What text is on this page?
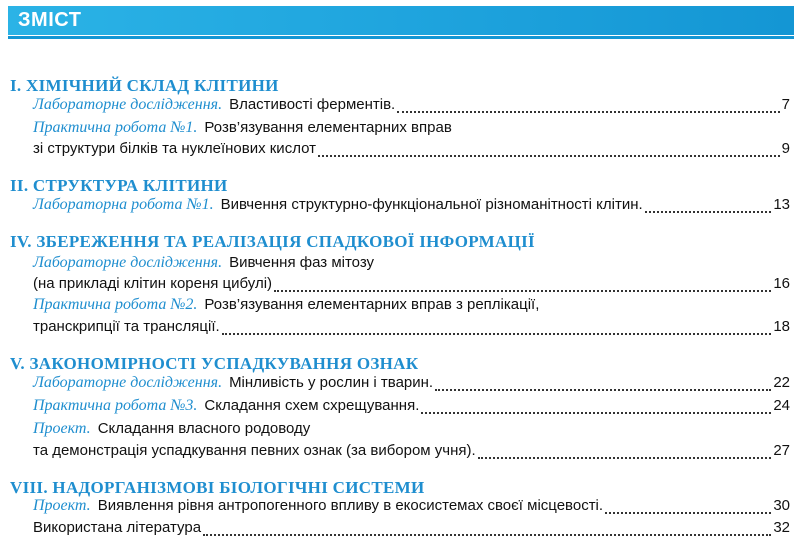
ЗМІСТ
І. ХІМІЧНИЙ СКЛАД КЛІТИНИ
Лабораторне дослідження. Властивості ферментів.	7
Практична робота №1. Розв’язування елементарних вправ
зі структури білків та нуклеїнових кислот	9
ІІ. СТРУКТУРА КЛІТИНИ
Лабораторна робота №1. Вивчення структурно-функціональної різноманітності клітин.	13
IV. ЗБЕРЕЖЕННЯ ТА РЕАЛІЗАЦІЯ СПАДКОВОЇ ІНФОРМАЦІЇ
Лабораторне дослідження. Вивчення фаз мітозу
(на прикладі клітин кореня цибулі)	16
Практична робота №2. Розв’язування елементарних вправ з реплікації,
транскрипції та трансляції.	18
V. ЗАКОНОМІРНОСТІ УСПАДКУВАННЯ ОЗНАК
Лабораторне дослідження. Мінливість у рослин і тварин.	22
Практична робота №3. Складання схем схрещування.	24
Проект. Складання власного родоводу
та демонстрація успадкування певних ознак (за вибором учня).	27
VIII. НАДОРГАНІЗМОВІ БІОЛОГІЧНІ СИСТЕМИ
Проект. Виявлення рівня антропогенного впливу в екосистемах своєї місцевості.	30
Використана література	32
